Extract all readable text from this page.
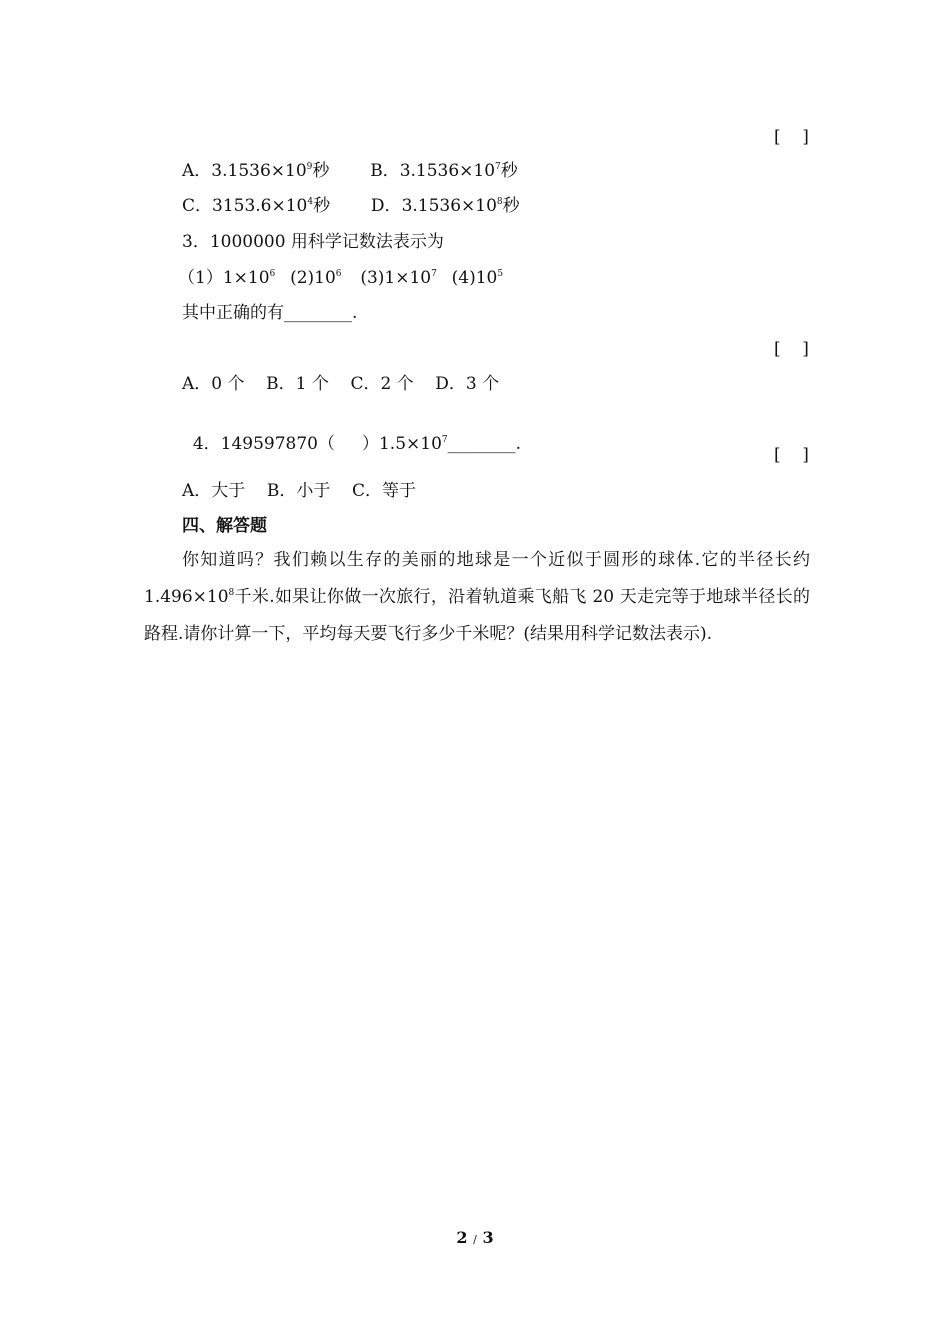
[    ]
A．$3.1536\times 10^9$秒 B．$3.1536\times 10^7$秒
C．$3153.6\times 10^4$秒 D．$3.1536\times 10^8$秒
3．1000000 用科学记数法表示为
$(1)1\times 10^6$ $(2)10^6$ $(3)1\times 10^7$ $(4)10^5$
其中正确的有________.
[    ]
A．0 个    B．1 个    C．2 个    D．3 个

4．149597870（     ）$1.5\times 10^7\_\_\_\_\_\_\_\_$.

[    ]
A．大于    B．小于    C．等于
四、解答题
你知道吗？我们赖以生存的美丽的地球是一个近似于圆形的球体.它的半径长约 $1.496\times 10^8$千米.如果让你做一次旅行，沿着轨道乘飞船飞 20 天走完等于地球半径长的路程.请你计算一下，平均每天要飞行多少千米呢？(结果用科学记数法表示).
2 / 3
